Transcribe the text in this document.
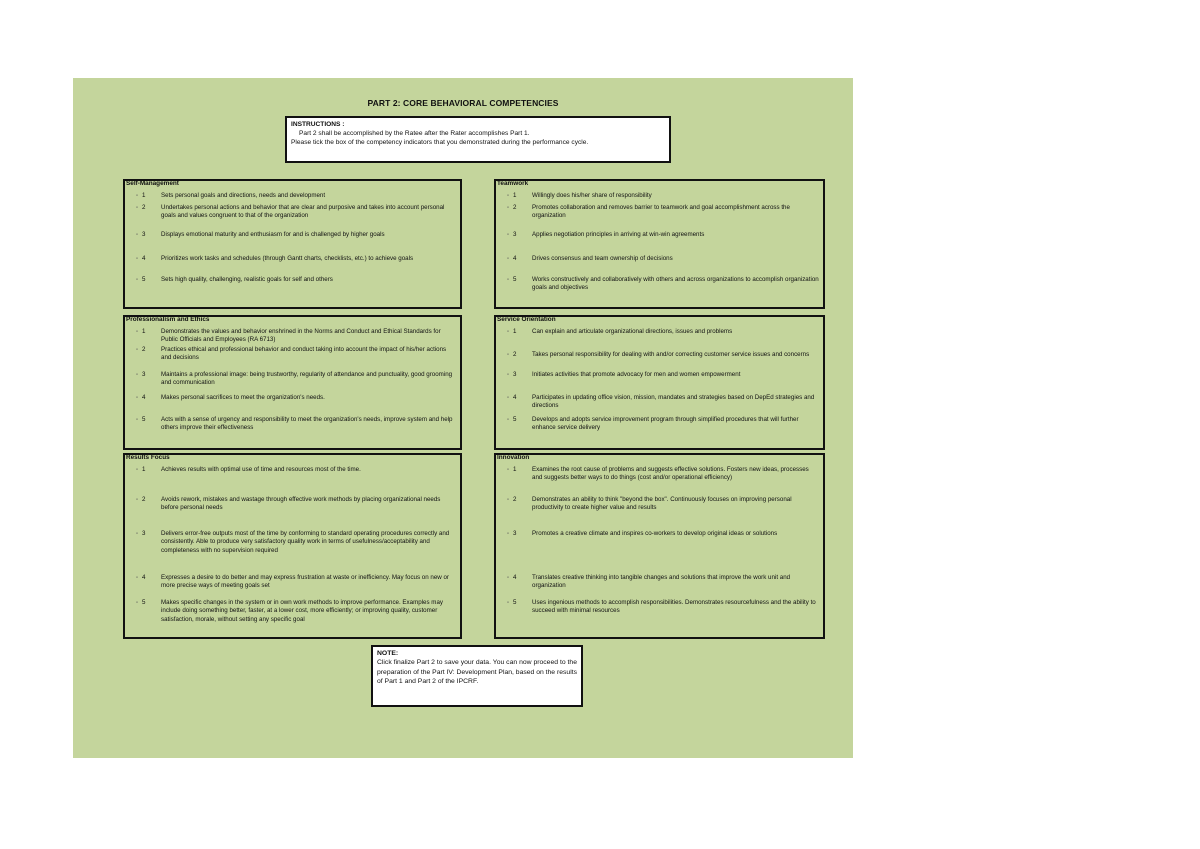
PART 2: CORE BEHAVIORAL COMPETENCIES
INSTRUCTIONS :
Part 2 shall be accomplished by the Ratee after the Rater accomplishes Part 1.
Please tick the box of the competency indicators that you demonstrated during the performance cycle.
Self-Management
▫ 1	Sets personal goals and directions, needs and development
▫ 2	Undertakes personal actions and behavior that are clear and purposive and takes into account personal goals and values congruent to that of the organization
▫ 3	Displays emotional maturity and enthusiasm for and is challenged by higher goals
▫ 4	Prioritizes work tasks and schedules (through Gantt charts, checklists, etc.) to achieve goals
▫ 5	Sets high quality, challenging, realistic goals for self and others
Teamwork
▫ 1	Willingly does his/her share of responsibility
▫ 2	Promotes collaboration and removes barrier to teamwork and goal accomplishment across the organization
▫ 3	Applies negotiation principles in arriving at win-win agreements
▫ 4	Drives consensus and team ownership of decisions
▫ 5	Works constructively and collaboratively with others and across organizations to accomplish organization goals and objectives
Professionalism and Ethics
▫ 1	Demonstrates the values and behavior enshrined in the Norms and Conduct and Ethical Standards for Public Officials and Employees (RA 6713)
▫ 2	Practices ethical and professional behavior and conduct taking into account the impact of his/her actions and decisions
▫ 3	Maintains a professional image: being trustworthy, regularity of attendance and punctuality, good grooming and communication
▫ 4	Makes personal sacrifices to meet the organization's needs.
▫ 5	Acts with a sense of urgency and responsibility to meet the organization's needs, improve system and help others improve their effectiveness
Service Orientation
▫ 1	Can explain and articulate organizational directions, issues and problems
▫ 2	Takes personal responsibility for dealing with and/or correcting customer service issues and concerns
▫ 3	Initiates activities that promote advocacy for men and women empowerment
▫ 4	Participates in updating office vision, mission, mandates and strategies based on DepEd strategies and directions
▫ 5	Develops and adopts service improvement program through simplified procedures that will further enhance service delivery
Results Focus
▫ 1	Achieves results with optimal use of time and resources most of the time.
▫ 2	Avoids rework, mistakes and wastage through effective work methods by placing organizational needs before personal needs
▫ 3	Delivers error-free outputs most of the time by conforming to standard operating procedures correctly and consistently. Able to produce very satisfactory quality work in terms of usefulness/acceptability and completeness with no supervision required
▫ 4	Expresses a desire to do better and may express frustration at waste or inefficiency. May focus on new or more precise ways of meeting goals set
▫ 5	Makes specific changes in the system or in own work methods to improve performance. Examples may include doing something better, faster, at a lower cost, more efficiently; or improving quality, customer satisfaction, morale, without setting any specific goal
Innovation
▫ 1	Examines the root cause of problems and suggests effective solutions. Fosters new ideas, processes and suggests better ways to do things (cost and/or operational efficiency)
▫ 2	Demonstrates an ability to think "beyond the box". Continuously focuses on improving personal productivity to create higher value and results
▫ 3	Promotes a creative climate and inspires co-workers to develop original ideas or solutions
▫ 4	Translates creative thinking into tangible changes and solutions that improve the work unit and organization
▫ 5	Uses ingenious methods to accomplish responsibilities. Demonstrates resourcefulness and the ability to succeed with minimal resources
NOTE:
Click finalize Part 2 to save your data. You can now proceed to the preparation of the Part IV: Development Plan, based on the results of Part 1 and Part 2 of the IPCRF.
